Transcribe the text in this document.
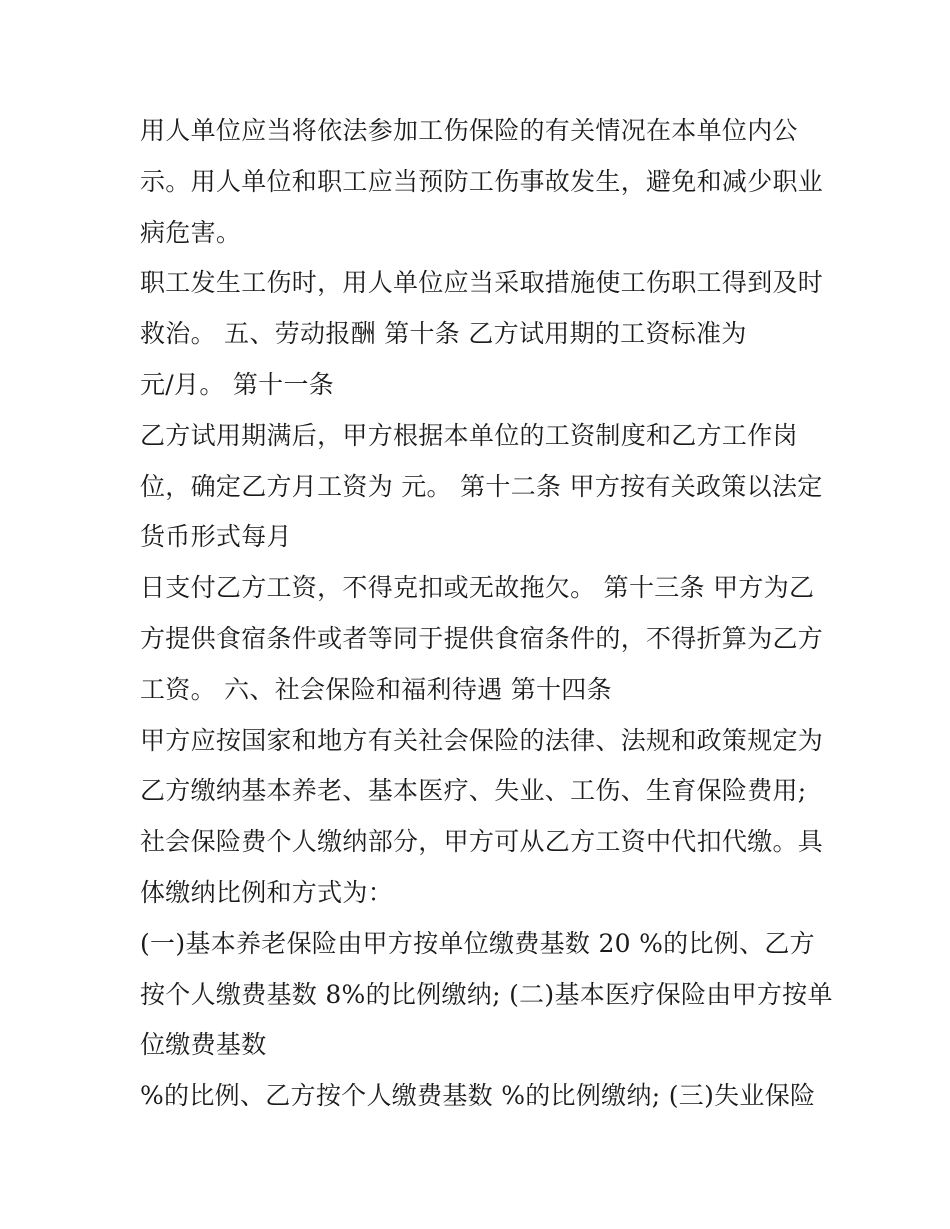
用人单位应当将依法参加工伤保险的有关情况在本单位内公
示。用人单位和职工应当预防工伤事故发生，避免和减少职业
病危害。
职工发生工伤时，用人单位应当采取措施使工伤职工得到及时
救治。 五、劳动报酬 第十条 乙方试用期的工资标准为
元/月。 第十一条
乙方试用期满后，甲方根据本单位的工资制度和乙方工作岗
位，确定乙方月工资为 元。 第十二条 甲方按有关政策以法定
货币形式每月
日支付乙方工资，不得克扣或无故拖欠。 第十三条 甲方为乙
方提供食宿条件或者等同于提供食宿条件的，不得折算为乙方
工资。 六、社会保险和福利待遇 第十四条
甲方应按国家和地方有关社会保险的法律、法规和政策规定为
乙方缴纳基本养老、基本医疗、失业、工伤、生育保险费用;
社会保险费个人缴纳部分，甲方可从乙方工资中代扣代缴。具
体缴纳比例和方式为：
(一)基本养老保险由甲方按单位缴费基数 20 %的比例、乙方
按个人缴费基数 8%的比例缴纳; (二)基本医疗保险由甲方按单
位缴费基数
%的比例、乙方按个人缴费基数 %的比例缴纳; (三)失业保险
